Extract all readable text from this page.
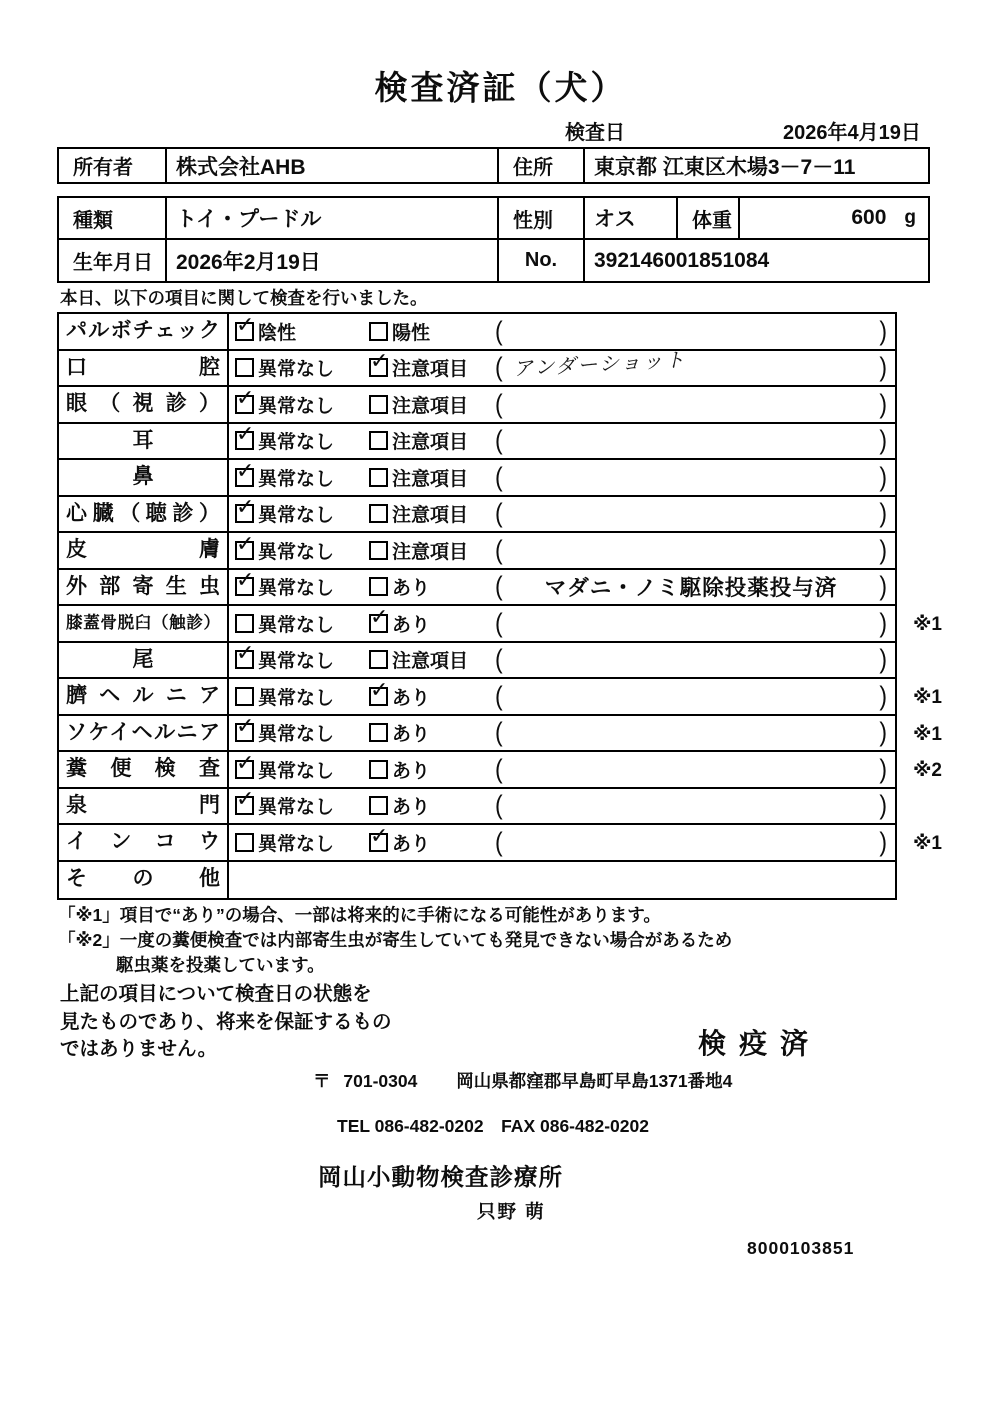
検査済証（犬）
検査日	2026年4月19日
所有者	株式会社AHB	住所	東京都 江東区木場3－7－11
種類	トイ・プードル	性別	オス	体重	600 g
生年月日	2026年2月19日	No.	392146001851084
本日、以下の項目に関して検査を行いました。
パルボチェック ✓	陰性	陽性	(	)
口腔	異常なし ✓	注意項目 ( アンダーショット	)
眼（視診） ✓	異常なし	注意項目 (	)
耳 ✓	異常なし	注意項目 (	)
鼻 ✓	異常なし	注意項目 (	)
心臓（聴診） ✓	異常なし	注意項目 (	)
皮膚 ✓	異常なし	注意項目 (	)
外部寄生虫 ✓	異常なし	あり	(	マダニ・ノミ駆除投薬投与済	)
膝蓋骨脱臼（触診）	異常なし ✓	あり	(	) ※1
尾 ✓	異常なし	注意項目 (	)
臍ヘルニア	異常なし ✓	あり	(	) ※1
ソケイヘルニア ✓	異常なし	あり	(	) ※1
糞便検査 ✓	異常なし	あり	(	) ※2
泉門 ✓	異常なし	あり	(	)
インコウ	異常なし ✓	あり	(	) ※1
その他
「※1」項目で“あり”の場合、一部は将来的に手術になる可能性があります。
「※2」一度の糞便検査では内部寄生虫が寄生していても発見できない場合があるため
駆虫薬を投薬しています。
上記の項目について検査日の状態を
見たものであり、将来を保証するもの
ではありません。	検疫済
〒 701-0304 岡山県都窪郡早島町早島1371番地4
TEL 086-482-0202　FAX 086-482-0202
岡山小動物検査診療所
只野 萌
8000103851
